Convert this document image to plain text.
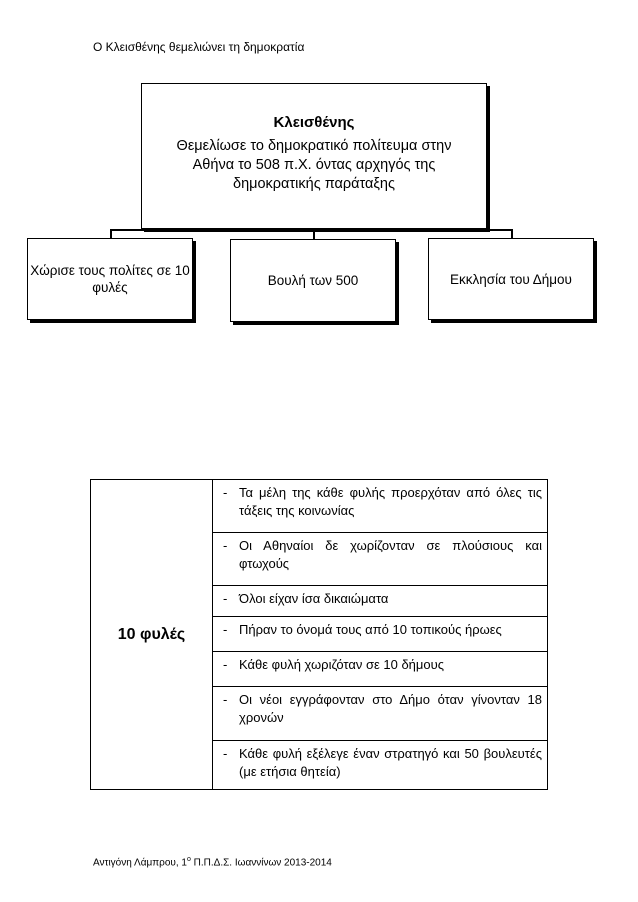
Ο Κλεισθένης θεμελιώνει τη δημοκρατία
Κλεισθένης
Θεμελίωσε το δημοκρατικό πολίτευμα στην Αθήνα το 508 π.Χ. όντας αρχηγός της δημοκρατικής παράταξης
Χώρισε τους πολίτες σε 10 φυλές	Βουλή των 500	Εκκλησία του Δήμου
10 φυλές	
- Τα μέλη της κάθε φυλής προερχόταν από όλες τις τάξεις της κοινωνίας

- Οι Αθηναίοι δε χωρίζονταν σε πλούσιους και φτωχούς

- Όλοι είχαν ίσα δικαιώματα

- Πήραν το όνομά τους από 10 τοπικούς ήρωες

- Κάθε φυλή χωριζόταν σε 10 δήμους

- Οι νέοι εγγράφονταν στο Δήμο όταν γίνονταν 18 χρονών

- Κάθε φυλή εξέλεγε έναν στρατηγό και 50 βουλευτές (με ετήσια θητεία)
Αντιγόνη Λάμπρου, $1^o$ Π.Π.Δ.Σ. Ιωαννίνων 2013-2014
